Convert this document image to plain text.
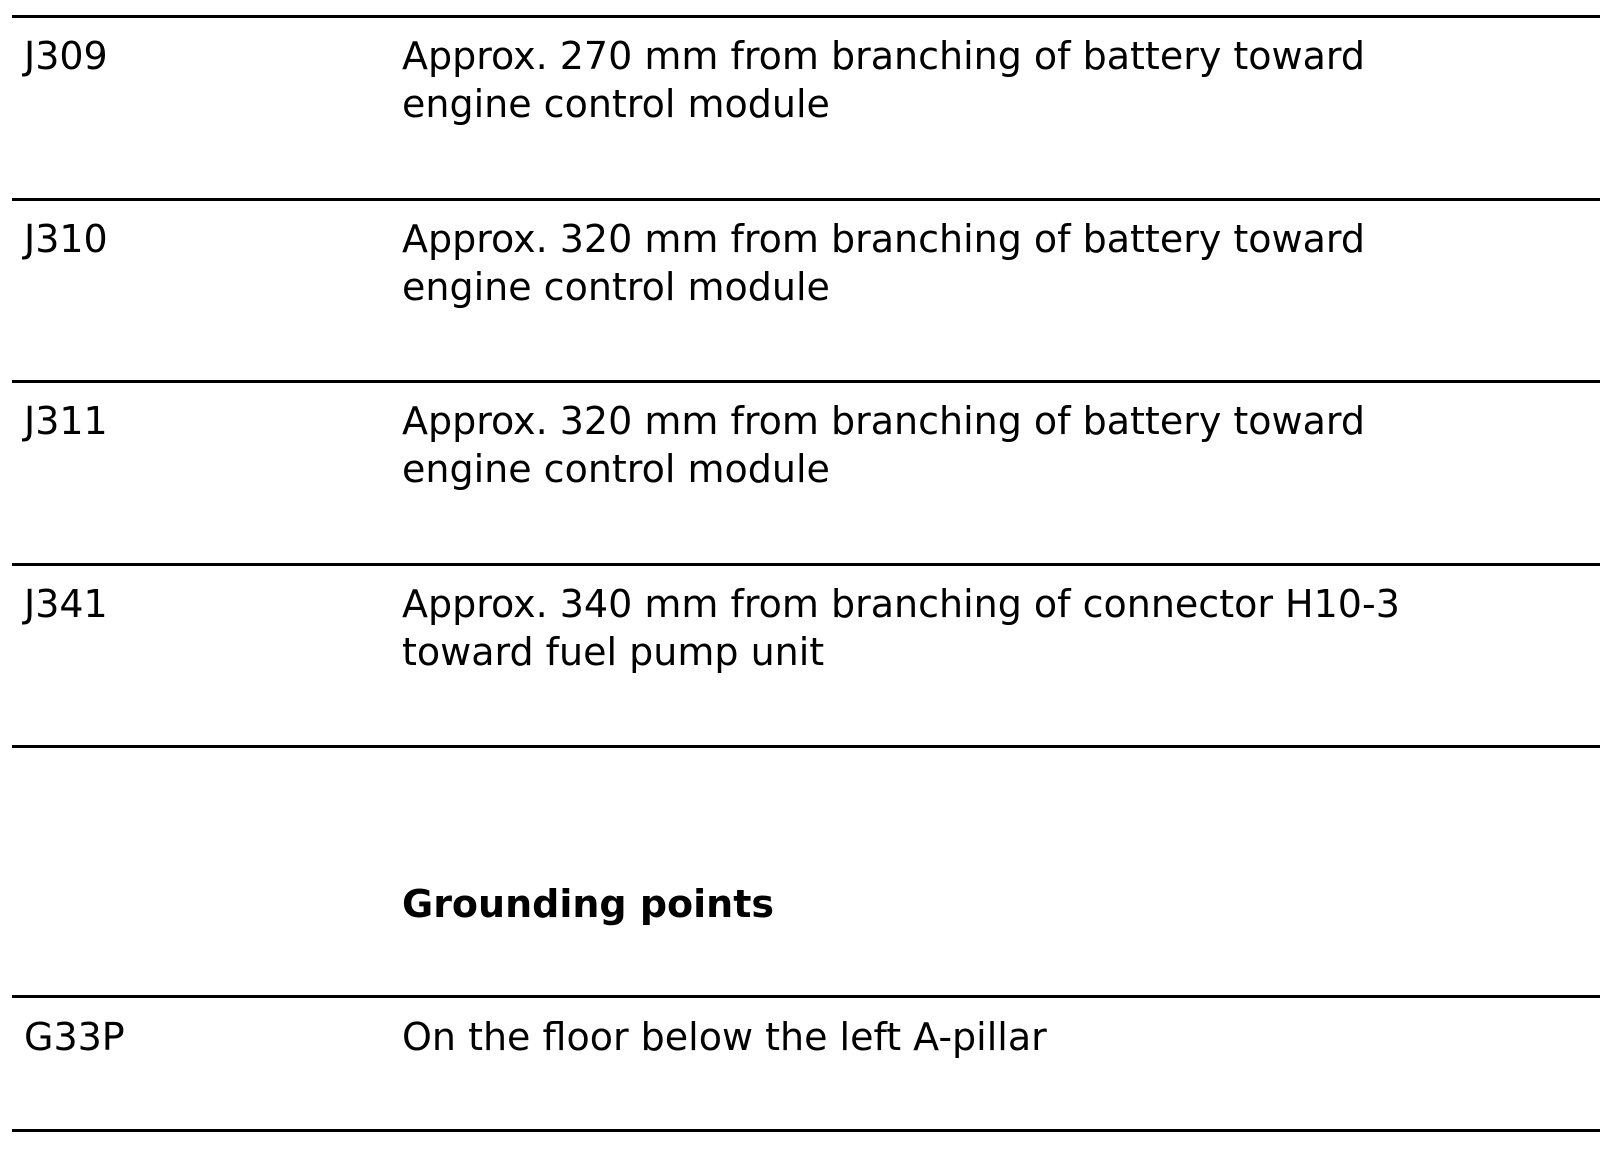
J309	Approx. 270 mm from branching of battery toward
engine control module
J310	Approx. 320 mm from branching of battery toward
engine control module
J311	Approx. 320 mm from branching of battery toward
engine control module
J341	Approx. 340 mm from branching of connector H10-3
toward fuel pump unit
Grounding points
G33P	On the floor below the left A-pillar
